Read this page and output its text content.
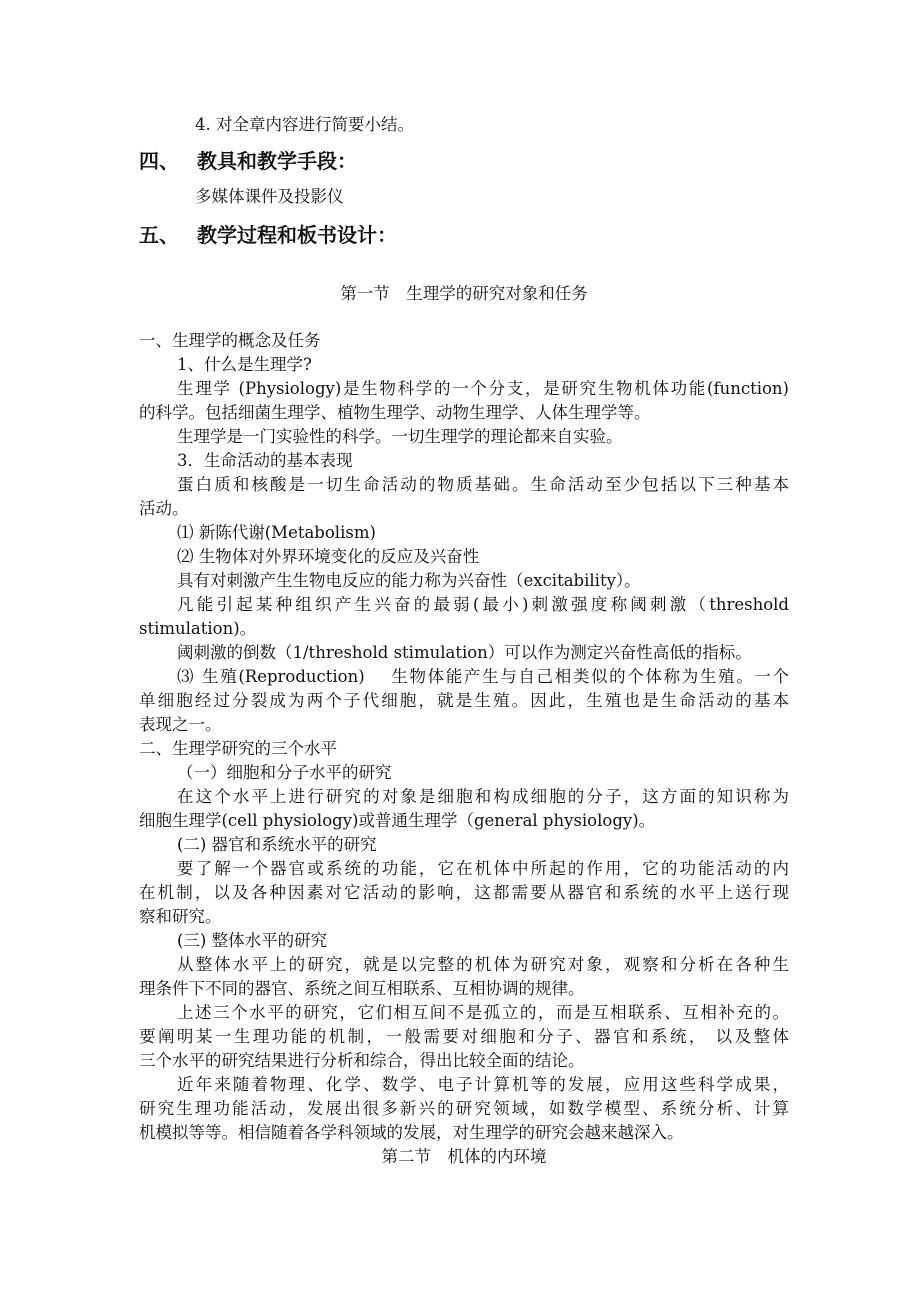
4. 对全章内容进行简要小结。
四、 教具和教学手段：
多媒体课件及投影仪
五、 教学过程和板书设计：
第一节　生理学的研究对象和任务
一、生理学的概念及任务
1、什么是生理学?
生理学 (Physiology)是生物科学的一个分支，是研究生物机体功能(function)
的科学。包括细菌生理学、植物生理学、动物生理学、人体生理学等。
生理学是一门实验性的科学。一切生理学的理论都来自实验。
3．生命活动的基本表现
蛋白质和核酸是一切生命活动的物质基础。生命活动至少包括以下三种基本
活动。
⑴ 新陈代谢(Metabolism)
⑵ 生物体对外界环境变化的反应及兴奋性
具有对刺激产生生物电反应的能力称为兴奋性（excitability）。
凡能引起某种组织产生兴奋的最弱(最小)刺激强度称阈刺激（threshold
stimulation)。
阈刺激的倒数（1/threshold stimulation）可以作为测定兴奋性高低的指标。
⑶ 生殖(Reproduction)　 生物体能产生与自己相类似的个体称为生殖。一个
单细胞经过分裂成为两个子代细胞，就是生殖。因此，生殖也是生命活动的基本
表现之一。
二、生理学研究的三个水平
（一）细胞和分子水平的研究
在这个水平上进行研究的对象是细胞和构成细胞的分子，这方面的知识称为
细胞生理学(cell physiology)或普通生理学（general physiology)。
(二) 器官和系统水平的研究
要了解一个器官或系统的功能，它在机体中所起的作用，它的功能活动的内
在机制，以及各种因素对它活动的影响，这都需要从器官和系统的水平上送行现
察和研究。
(三) 整体水平的研究
从整体水平上的研究，就是以完整的机体为研究对象，观察和分析在各种生
理条件下不同的器官、系统之间互相联系、互相协调的规律。
上述三个水平的研究，它们相互间不是孤立的，而是互相联系、互相补充的。
要阐明某一生理功能的机制，一般需要对细胞和分子、器官和系统， 以及整体
三个水平的研究结果进行分析和综合，得出比较全面的结论。
近年来随着物理、化学、数学、电子计算机等的发展，应用这些科学成果，
研究生理功能活动，发展出很多新兴的研究领域，如数学模型、系统分析、计算
机模拟等等。相信随着各学科领域的发展，对生理学的研究会越来越深入。
第二节　机体的内环境
